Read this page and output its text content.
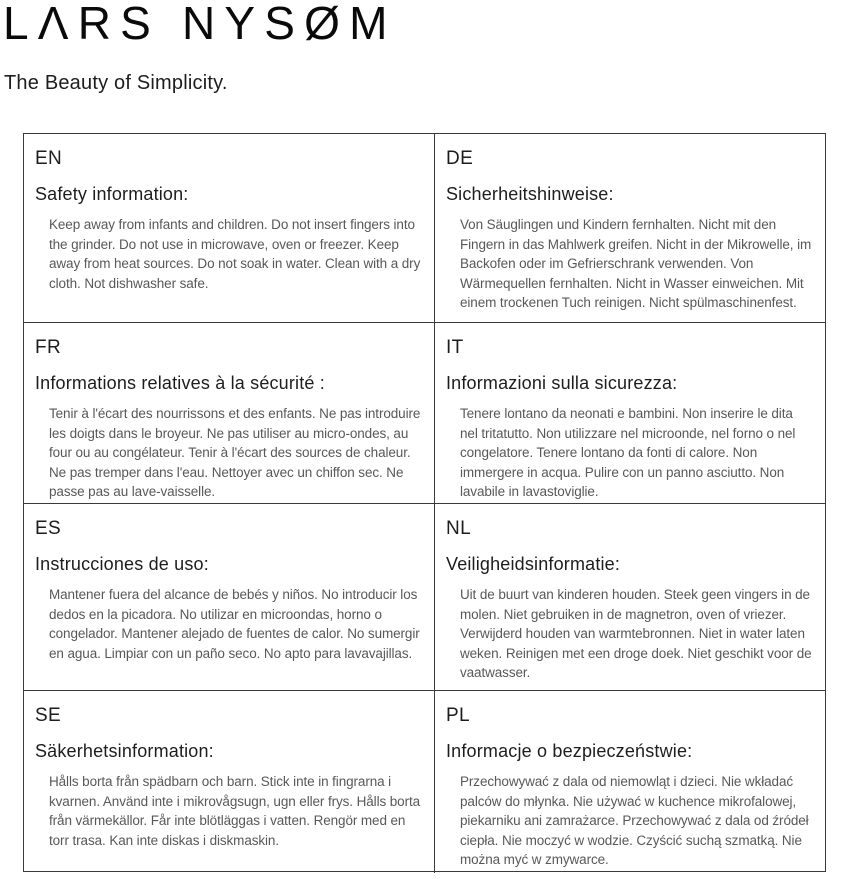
LΛRS NYSØM
The Beauty of Simplicity.
EN
Safety information:

Keep away from infants and children. Do not insert fingers into the grinder. Do not use in microwave, oven or freezer. Keep away from heat sources. Do not soak in water. Clean with a dry cloth. Not dishwasher safe.

DE
Sicherheitshinweise:

Von Säuglingen und Kindern fernhalten. Nicht mit den Fingern in das Mahlwerk greifen. Nicht in der Mikrowelle, im Backofen oder im Gefrierschrank verwenden. Von Wärmequellen fernhalten. Nicht in Wasser einweichen. Mit einem trockenen Tuch reinigen. Nicht spülmaschinenfest.

FR
Informations relatives à la sécurité :

Tenir à l'écart des nourrissons et des enfants. Ne pas introduire les doigts dans le broyeur. Ne pas utiliser au micro-ondes, au four ou au congélateur. Tenir à l'écart des sources de chaleur. Ne pas tremper dans l'eau. Nettoyer avec un chiffon sec. Ne passe pas au lave-vaisselle.

IT
Informazioni sulla sicurezza:

Tenere lontano da neonati e bambini. Non inserire le dita nel tritatutto. Non utilizzare nel microonde, nel forno o nel congelatore. Tenere lontano da fonti di calore. Non immergere in acqua. Pulire con un panno asciutto. Non lavabile in lavastoviglie.

ES
Instrucciones de uso:

Mantener fuera del alcance de bebés y niños. No introducir los dedos en la picadora. No utilizar en microondas, horno o congelador. Mantener alejado de fuentes de calor. No sumergir en agua. Limpiar con un paño seco. No apto para lavavajillas.

NL
Veiligheidsinformatie:

Uit de buurt van kinderen houden. Steek geen vingers in de molen. Niet gebruiken in de magnetron, oven of vriezer. Verwijderd houden van warmtebronnen. Niet in water laten weken. Reinigen met een droge doek. Niet geschikt voor de vaatwasser.

SE
Säkerhetsinformation:

Hålls borta från spädbarn och barn. Stick inte in fingrarna i kvarnen. Använd inte i mikrovågsugn, ugn eller frys. Hålls borta från värmekällor. Får inte blötläggas i vatten. Rengör med en torr trasa. Kan inte diskas i diskmaskin.

PL
Informacje o bezpieczeństwie:

Przechowywać z dala od niemowląt i dzieci. Nie wkładać palców do młynka. Nie używać w kuchence mikrofalowej, piekarniku ani zamrażarce. Przechowywać z dala od źródeł ciepła. Nie moczyć w wodzie. Czyścić suchą szmatką. Nie można myć w zmywarce.
